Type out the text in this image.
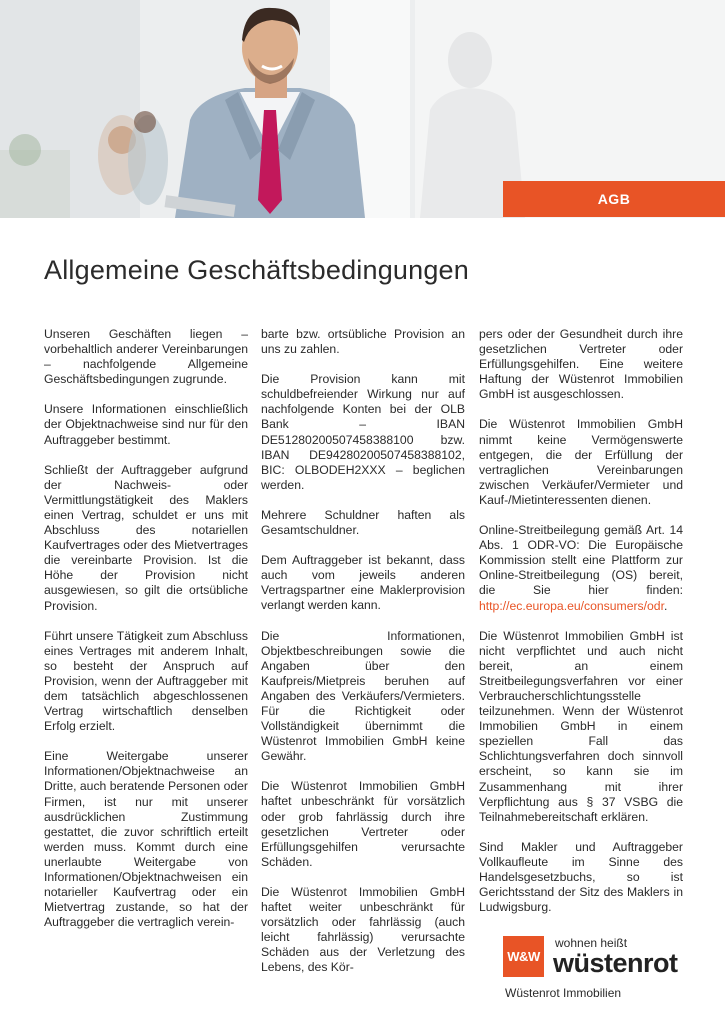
AGB
Allgemeine Geschäftsbedingungen

Unseren Geschäften liegen – vorbehaltlich anderer Vereinbarungen – nachfolgende Allgemeine Geschäftsbedingungen zugrunde.

Unsere Informationen einschließlich der Objektnachweise sind nur für den Auftraggeber bestimmt.

Schließt der Auftraggeber aufgrund der Nachweis- oder Vermittlungstätigkeit des Maklers einen Vertrag, schuldet er uns mit Abschluss des notariellen Kaufvertrages oder des Mietvertrages die vereinbarte Provision. Ist die Höhe der Provision nicht ausgewiesen, so gilt die ortsübliche Provision.

Führt unsere Tätigkeit zum Abschluss eines Vertrages mit anderem Inhalt, so besteht der Anspruch auf Provision, wenn der Auftraggeber mit dem tatsächlich abgeschlossenen Vertrag wirtschaftlich denselben Erfolg erzielt.

Eine Weitergabe unserer Informationen/Objektnachweise an Dritte, auch beratende Personen oder Firmen, ist nur mit unserer ausdrücklichen Zustimmung gestattet, die zuvor schriftlich erteilt werden muss. Kommt durch eine unerlaubte Weitergabe von Informationen/Objektnachweisen ein notarieller Kaufvertrag oder ein Mietvertrag zustande, so hat der Auftraggeber die vertraglich verein-

barte bzw. ortsübliche Provision an uns zu zahlen.

Die Provision kann mit schuldbefreiender Wirkung nur auf nachfolgende Konten bei der OLB Bank – IBAN DE51280200507458388100 bzw. IBAN DE94280200507458388102, BIC: OLBODEH2XXX – beglichen werden.

Mehrere Schuldner haften als Gesamtschuldner.

Dem Auftraggeber ist bekannt, dass auch vom jeweils anderen Vertragspartner eine Maklerprovision verlangt werden kann.

Die Informationen, Objektbeschreibungen sowie die Angaben über den Kaufpreis/Mietpreis beruhen auf Angaben des Verkäufers/Vermieters. Für die Richtigkeit oder Vollständigkeit übernimmt die Wüstenrot Immobilien GmbH keine Gewähr.

Die Wüstenrot Immobilien GmbH haftet unbeschränkt für vorsätzlich oder grob fahrlässig durch ihre gesetzlichen Vertreter oder Erfüllungsgehilfen verursachte Schäden.

Die Wüstenrot Immobilien GmbH haftet weiter unbeschränkt für vorsätzlich oder fahrlässig (auch leicht fahrlässig) verursachte Schäden aus der Verletzung des Lebens, des Kör-

pers oder der Gesundheit durch ihre gesetzlichen Vertreter oder Erfüllungsgehilfen. Eine weitere Haftung der Wüstenrot Immobilien GmbH ist ausgeschlossen.

Die Wüstenrot Immobilien GmbH nimmt keine Vermögenswerte entgegen, die der Erfüllung der vertraglichen Vereinbarungen zwischen Verkäufer/Vermieter und Kauf-/Mietinteressenten dienen.

Online-Streitbeilegung gemäß Art. 14 Abs. 1 ODR-VO: Die Europäische Kommission stellt eine Plattform zur Online-Streitbeilegung (OS) bereit, die Sie hier finden: http://ec.europa.eu/consumers/odr.

Die Wüstenrot Immobilien GmbH ist nicht verpflichtet und auch nicht bereit, an einem Streitbeilegungsverfahren vor einer Verbraucherschlichtungsstelle teilzunehmen. Wenn der Wüstenrot Immobilien GmbH in einem speziellen Fall das Schlichtungsverfahren doch sinnvoll erscheint, so kann sie im Zusammenhang mit ihrer Verpflichtung aus § 37 VSBG die Teilnahmebereitschaft erklären.

Sind Makler und Auftraggeber Vollkaufleute im Sinne des Handelsgesetzbuchs, so ist Gerichtsstand der Sitz des Maklers in Ludwigsburg.

W&W
wohnen heißt
wüstenrot
Wüstenrot Immobilien
